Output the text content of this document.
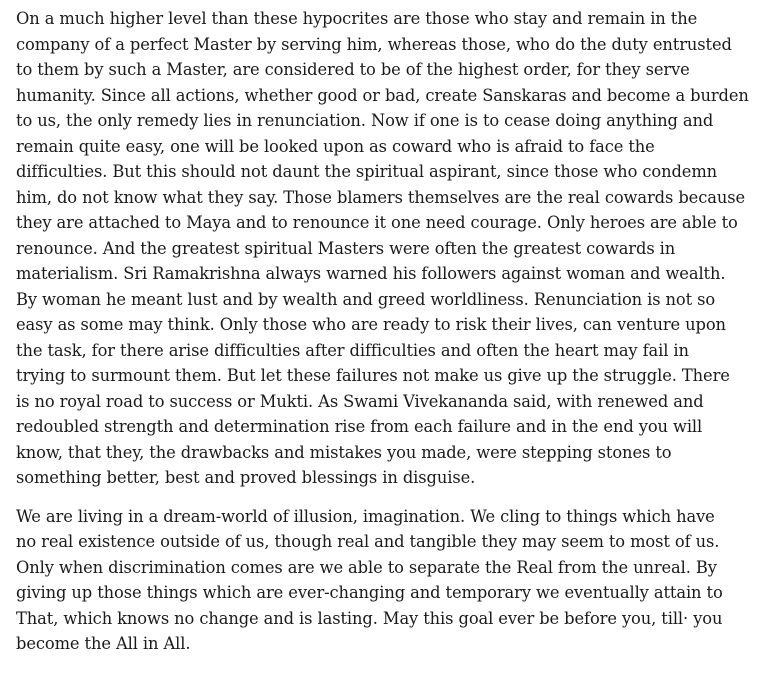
On a much higher level than these hypocrites are those who stay and remain in the
company of a perfect Master by serving him, whereas those, who do the duty entrusted
to them by such a Master, are considered to be of the highest order, for they serve
humanity. Since all actions, whether good or bad, create Sanskaras and become a burden
to us, the only remedy lies in renunciation. Now if one is to cease doing anything and
remain quite easy, one will be looked upon as coward who is afraid to face the
difficulties. But this should not daunt the spiritual aspirant, since those who condemn
him, do not know what they say. Those blamers themselves are the real cowards because
they are attached to Maya and to renounce it one need courage. Only heroes are able to
renounce. And the greatest spiritual Masters were often the greatest cowards in
materialism. Sri Ramakrishna always warned his followers against woman and wealth.
By woman he meant lust and by wealth and greed worldliness. Renunciation is not so
easy as some may think. Only those who are ready to risk their lives, can venture upon
the task, for there arise difficulties after difficulties and often the heart may fail in
trying to surmount them. But let these failures not make us give up the struggle. There
is no royal road to success or Mukti. As Swami Vivekananda said, with renewed and
redoubled strength and determination rise from each failure and in the end you will
know, that they, the drawbacks and mistakes you made, were stepping stones to
something better, best and proved blessings in disguise.

We are living in a dream-world of illusion, imagination. We cling to things which have
no real existence outside of us, though real and tangible they may seem to most of us.
Only when discrimination comes are we able to separate the Real from the unreal. By
giving up those things which are ever-changing and temporary we eventually attain to
That, which knows no change and is lasting. May this goal ever be before you, till· you
become the All in All.
